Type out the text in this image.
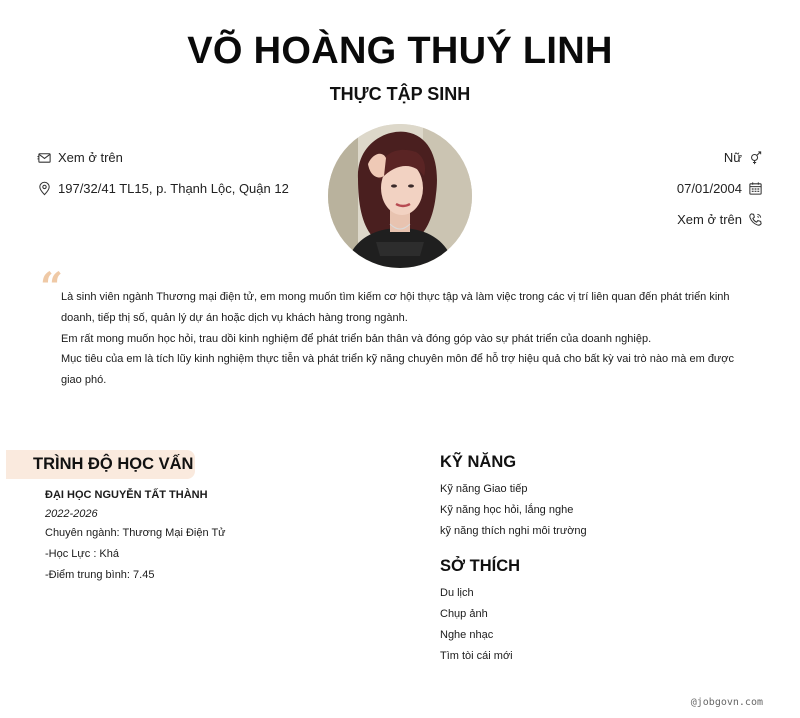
VÕ HOÀNG THUÝ LINH
THỰC TẬP SINH
Xem ở trên
197/32/41 TL15, p. Thạnh Lộc, Quận 12
Nữ
07/01/2004
Xem ở trên
“

Là sinh viên ngành Thương mại điện tử, em mong muốn tìm kiếm cơ hội thực tập và làm việc trong các vị trí liên quan đến phát triển kinh doanh, tiếp thị số, quản lý dự án hoặc dịch vụ khách hàng trong ngành.

Em rất mong muốn học hỏi, trau dồi kinh nghiệm để phát triển bản thân và đóng góp vào sự phát triển của doanh nghiệp.

Mục tiêu của em là tích lũy kinh nghiệm thực tiễn và phát triển kỹ năng chuyên môn để hỗ trợ hiệu quả cho bất kỳ vai trò nào mà em được giao phó.

TRÌNH ĐỘ HỌC VẤN
ĐẠI HỌC NGUYỄN TẤT THÀNH
2022-2026
Chuyên ngành: Thương Mại Điện Tử
-Học Lực : Khá
-Điểm trung bình: 7.45
KỸ NĂNG
Kỹ năng Giao tiếp
Kỹ năng học hỏi, lắng nghe
kỹ năng thích nghi môi trường
SỞ THÍCH
Du lịch
Chụp ảnh
Nghe nhạc
Tìm tòi cái mới
@jobgovn.com
